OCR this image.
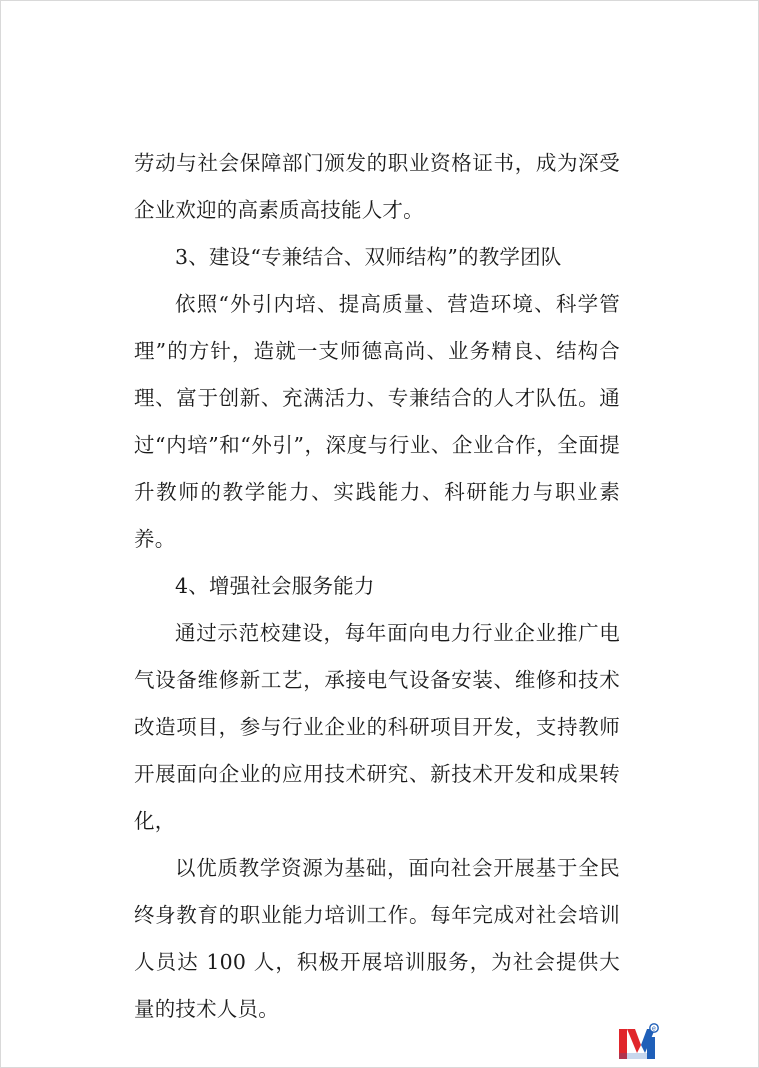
劳动与社会保障部门颁发的职业资格证书，成为深受企业欢迎的高素质高技能人才。

3、建设“专兼结合、双师结构”的教学团队

依照“外引内培、提高质量、营造环境、科学管理”的方针，造就一支师德高尚、业务精良、结构合理、富于创新、充满活力、专兼结合的人才队伍。通过“内培”和“外引”，深度与行业、企业合作，全面提升教师的教学能力、实践能力、科研能力与职业素养。

4、增强社会服务能力

通过示范校建设，每年面向电力行业企业推广电气设备维修新工艺，承接电气设备安装、维修和技术改造项目，参与行业企业的科研项目开发，支持教师开展面向企业的应用技术研究、新技术开发和成果转化，

以优质教学资源为基础，面向社会开展基于全民终身教育的职业能力培训工作。每年完成对社会培训人员达 100 人，积极开展培训服务，为社会提供大量的技术人员。

e
